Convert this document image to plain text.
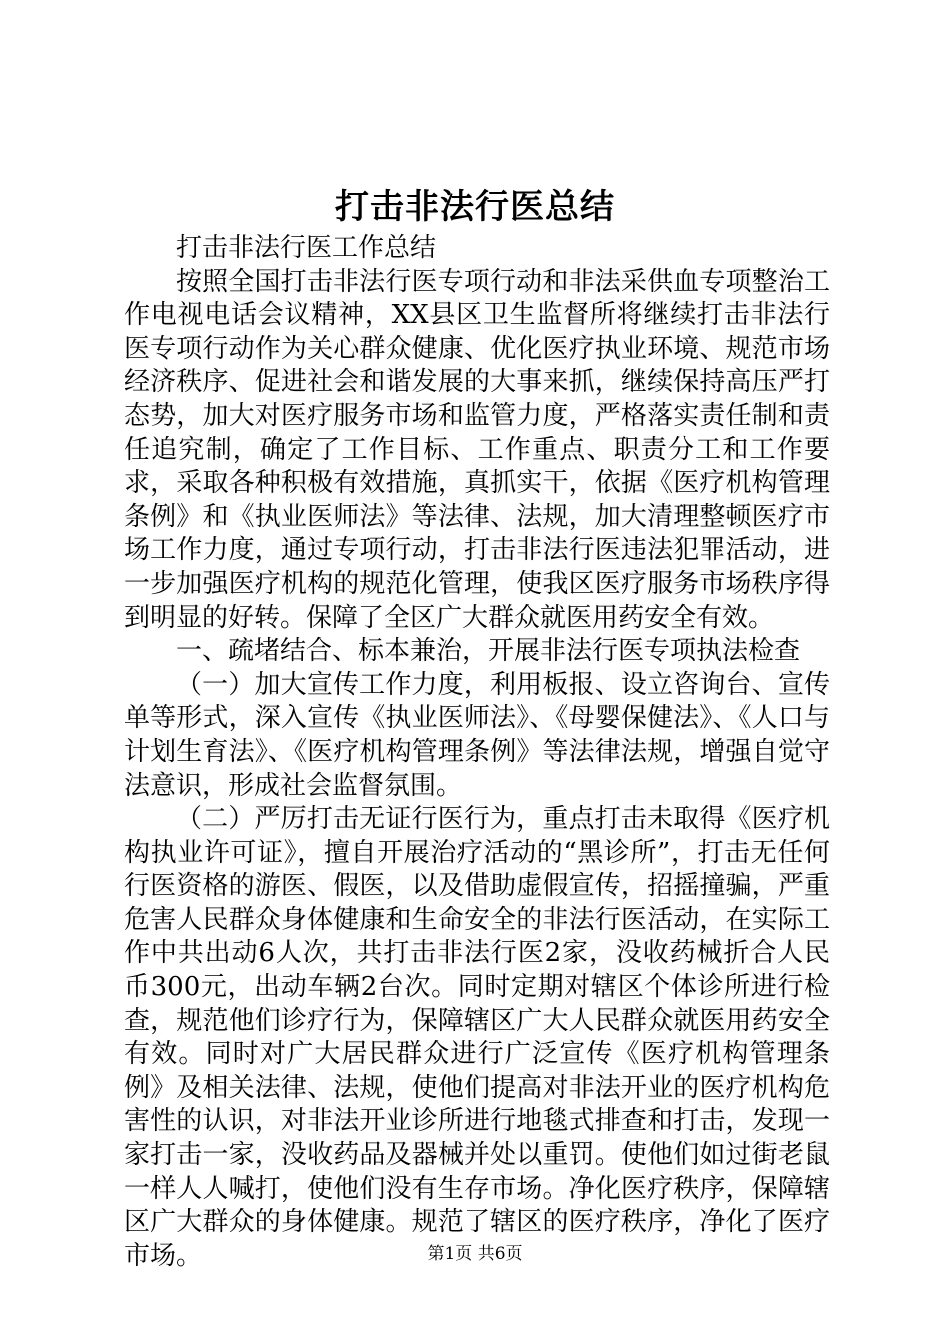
打击非法行医总结

打击非法行医工作总结

按照全国打击非法行医专项行动和非法采供血专项整治工作电视电话会议精神，XX县区卫生监督所将继续打击非法行医专项行动作为关心群众健康、优化医疗执业环境、规范市场经济秩序、促进社会和谐发展的大事来抓，继续保持高压严打态势，加大对医疗服务市场和监管力度，严格落实责任制和责任追究制，确定了工作目标、工作重点、职责分工和工作要求，采取各种积极有效措施，真抓实干，依据《医疗机构管理条例》和《执业医师法》等法律、法规，加大清理整顿医疗市场工作力度，通过专项行动，打击非法行医违法犯罪活动，进一步加强医疗机构的规范化管理，使我区医疗服务市场秩序得到明显的好转。保障了全区广大群众就医用药安全有效。

一、疏堵结合、标本兼治，开展非法行医专项执法检查

（一）加大宣传工作力度，利用板报、设立咨询台、宣传单等形式，深入宣传《执业医师法》、《母婴保健法》、《人口与计划生育法》、《医疗机构管理条例》等法律法规，增强自觉守法意识，形成社会监督氛围。

（二）严厉打击无证行医行为，重点打击未取得《医疗机构执业许可证》，擅自开展治疗活动的“黑诊所”，打击无任何行医资格的游医、假医，以及借助虚假宣传，招摇撞骗，严重危害人民群众身体健康和生命安全的非法行医活动，在实际工作中共出动6人次，共打击非法行医2家，没收药械折合人民币300元，出动车辆2台次。同时定期对辖区个体诊所进行检查，规范他们诊疗行为，保障辖区广大人民群众就医用药安全有效。同时对广大居民群众进行广泛宣传《医疗机构管理条例》及相关法律、法规，使他们提高对非法开业的医疗机构危害性的认识，对非法开业诊所进行地毯式排查和打击，发现一家打击一家，没收药品及器械并处以重罚。使他们如过街老鼠一样人人喊打，使他们没有生存市场。净化医疗秩序，保障辖区广大群众的身体健康。规范了辖区的医疗秩序，净化了医疗市场。	第1页 共6页
